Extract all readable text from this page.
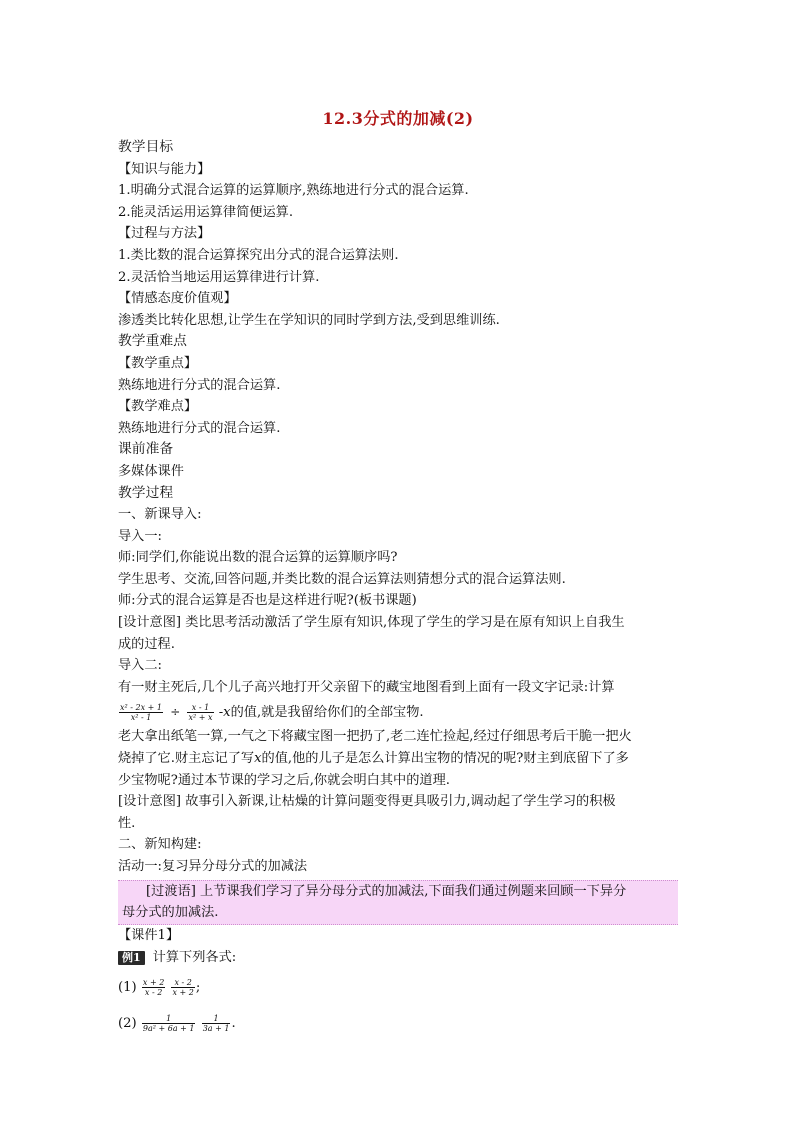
12.3分式的加减(2)
教学目标
【知识与能力】
1.明确分式混合运算的运算顺序,熟练地进行分式的混合运算.
2.能灵活运用运算律简便运算.
【过程与方法】
1.类比数的混合运算探究出分式的混合运算法则.
2.灵活恰当地运用运算律进行计算.
【情感态度价值观】
渗透类比转化思想,让学生在学知识的同时学到方法,受到思维训练.
教学重难点
【教学重点】
熟练地进行分式的混合运算.
【教学难点】
熟练地进行分式的混合运算.
课前准备
多媒体课件
教学过程
一、新课导入:
导入一:
师:同学们,你能说出数的混合运算的运算顺序吗?
学生思考、交流,回答问题,并类比数的混合运算法则猜想分式的混合运算法则.
师:分式的混合运算是否也是这样进行呢?(板书课题)
[设计意图] 类比思考活动激活了学生原有知识,体现了学生的学习是在原有知识上自我生
成的过程.
导入二:
有一财主死后,几个儿子高兴地打开父亲留下的藏宝地图看到上面有一段文字记录:计算
$\frac{\text{x² - 2x + 1}}{\text{x² - 1}} \div \frac{x - 1}{\text{x² + x}} -x$的值,就是我留给你们的全部宝物.
老大拿出纸笔一算,一气之下将藏宝图一把扔了,老二连忙捡起,经过仔细思考后干脆一把火
烧掉了它.财主忘记了写x的值,他的儿子是怎么计算出宝物的情况的呢?财主到底留下了多
少宝物呢?通过本节课的学习之后,你就会明白其中的道理.
[设计意图] 故事引入新课,让枯燥的计算问题变得更具吸引力,调动起了学生学习的积极
性.
二、新知构建:
活动一:复习异分母分式的加减法
[过渡语] 上节课我们学习了异分母分式的加减法,下面我们通过例题来回顾一下异分
母分式的加减法.
【课件1】
例1 计算下列各式:
$(1) \frac{x + 2}{x - 2}$
$\frac{x - 2}{x + 2}$ ;
$(2) \frac{1}{\text{9a² + 6a + 1}}$
$\frac{1}{3a + 1}$ .
